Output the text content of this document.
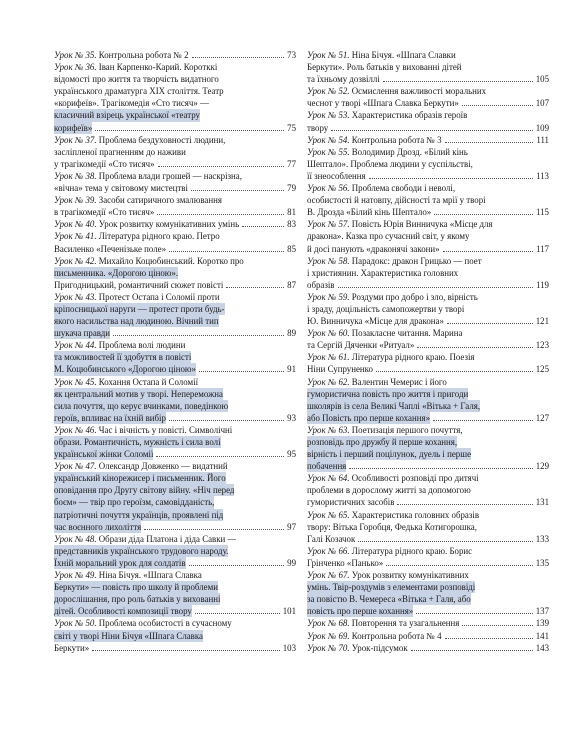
Урок № 35. Контрольна робота № 2	73
Урок № 36. Іван Карпенко-Карий. Коротккі
відомості про життя та творчість видатного
українського драматурга XIX століття. Театр
«корифеїв». Трагікомедія «Сто тисяч» —
класичний взірець української «театру
корифеїв»	75
Урок № 37. Проблема бездуховності людини,
засліпленої прагненням до наживи
у трагікомедії «Сто тисяч»	77
Урок № 38. Проблема влади грошей — наскрізна,
«вічна» тема у світовому мистецтві	79
Урок № 39. Засоби сатиричного змалювання
в трагікомедії «Сто тисяч»	81
Урок № 40. Урок розвитку комунікативних умінь	83
Урок № 41. Література рідного краю. Петро
Василенко «Печенізьке поле»	85
Урок № 42. Михайло Коцюбинський. Коротко про
письменника. «Дорогою ціною».
Пригодницький, романтичний сюжет повісті	87
Урок № 43. Протест Остапа і Соломії проти
кріпосницької наруги — протест проти будь-
якого насильства над людиною. Вічний тип
шукача правди	89
Урок № 44. Проблема волі людини
та можливостей її здобуття в повісті
М. Коцюбинського «Дорогою ціною»	91
Урок № 45. Кохання Остапа й Соломії
як центральний мотив у творі. Непереможна
сила почуття, що керує вчинками, поведінкою
героїв, впливає на їхній вибір	93
Урок № 46. Час і вічність у повісті. Символічні
образи. Романтичність, мужність і сила волі
української жінки Соломії	95
Урок № 47. Олександр Довженко — видатний
український кінорежисер і письменник. Його
оповідання про Другу світову війну. «Ніч перед
боєм» — твір про героїзм, самовідданість,
патріотичні почуття українців, проявлені під
час воєнного лихоліття	97
Урок № 48. Образи діда Платона і діда Савки —
представників українського трудового народу.
Їхній моральний урок для солдатів	99
Урок № 49. Ніна Бічуя. «Шпага Славка
Беркути» — повість про школу й проблеми
дорослішання, про роль батьків у вихованні
дітей. Особливості композиції твору	101
Урок № 50. Проблема особистості в сучасному
світі у творі Ніни Бічуя «Шпага Славка
Беркути»	103
Урок № 51. Ніна Бічуя. «Шпага Славки
Беркути». Роль батьків у вихованні дітей
та їхньому дозвіллі	105
Урок № 52. Осмислення важливості моральних
чеснот у творі «Шпага Славка Беркути»	107
Урок № 53. Характеристика образів героїв
твору	109
Урок № 54. Контрольна робота № 3	111
Урок № 55. Володимир Дрозд. «Білий кінь
Шептало». Проблема людини у суспільстві,
її знеособлення	113
Урок № 56. Проблема свободи і неволі,
особистості й натовпу, дійсності та мрії у творі
В. Дрозда «Білий кінь Шептало»	115
Урок № 57. Повість Юрія Винничука «Місце для
дракона». Казка про сучасний світ, у якому
й досі панують «драконячі закони»	117
Урок № 58. Парадокс: дракон Грицько — поет
і християнин. Характеристика головних
образів	119
Урок № 59. Роздуми про добро і зло, вірність
і зраду, доцільність самопожертви у творі
Ю. Винничука «Місце для дракона»	121
Урок № 60. Позакласне читання. Марина
та Сергій Дяченки «Ритуал»	123
Урок № 61. Література рідного краю. Поезія
Ніни Супруненко	125
Урок № 62. Валентин Чемерис і його
гумористична повість про життя і пригоди
школярів із села Великі Чаплі «Вітька + Галя,
або Повість про перше кохання»	127
Урок № 63. Поетизація першого почуття,
розповідь про дружбу й перше кохання,
вірність і перший поцілунок, дуель і перше
побачення	129
Урок № 64. Особливості розповіді про дитячі
проблеми в дорослому житті за допомогою
гумористичних засобів	131
Урок № 65. Характеристика головних образів
твору: Вітька Горобця, Федька Котигорошка,
Галі Козачок	133
Урок № 66. Література рідного краю. Борис
Грінченко «Панько»	135
Урок № 67. Урок розвитку комунікативних
умінь. Твір-роздумів з елементами розповіді
за повістю В. Чемереса «Вітька + Галя, або
повість про перше кохання»	137
Урок № 68. Повторення та узагальнення	139
Урок № 69. Контрольна робота № 4	141
Урок № 70. Урок-підсумок	143
